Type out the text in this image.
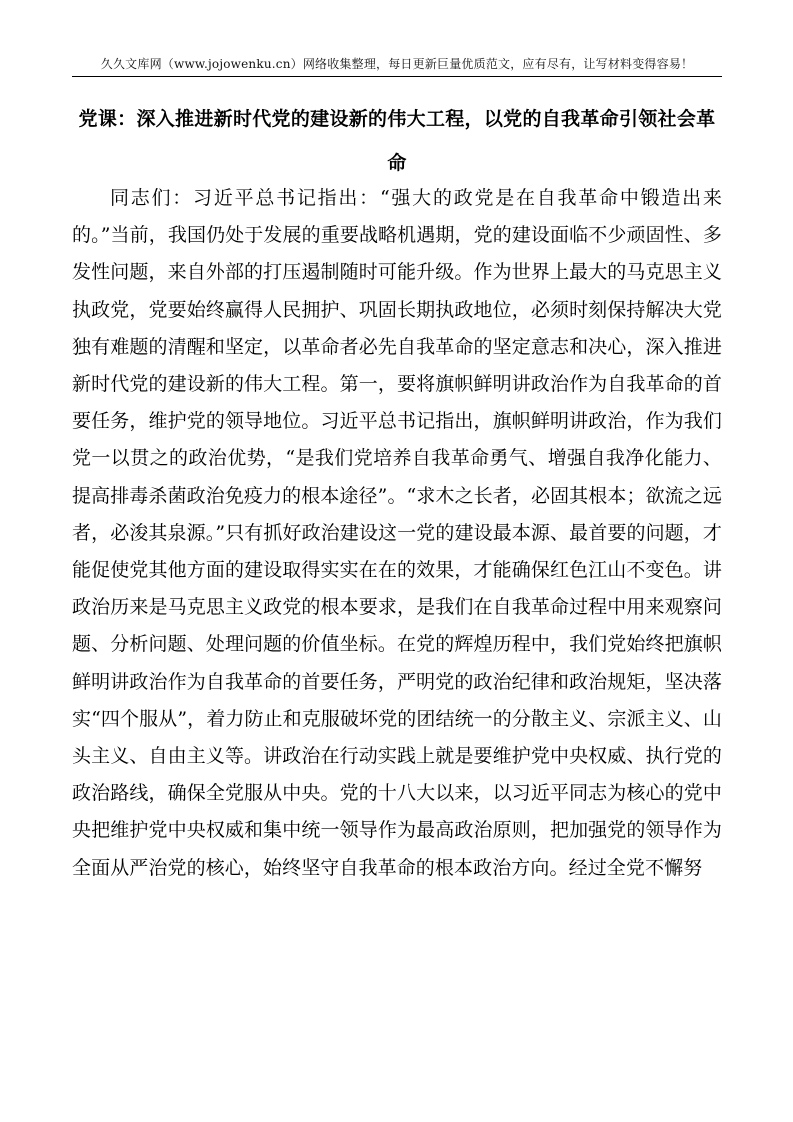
久久文库网（www.jojowenku.cn）网络收集整理，每日更新巨量优质范文，应有尽有，让写材料变得容易！
党课：深入推进新时代党的建设新的伟大工程，以党的自我革命引领社会革命

同志们：习近平总书记指出：“强大的政党是在自我革命中锻造出来的。”当前，我国仍处于发展的重要战略机遇期，党的建设面临不少顽固性、多发性问题，来自外部的打压遏制随时可能升级。作为世界上最大的马克思主义执政党，党要始终赢得人民拥护、巩固长期执政地位，必须时刻保持解决大党独有难题的清醒和坚定，以革命者必先自我革命的坚定意志和决心，深入推进新时代党的建设新的伟大工程。第一，要将旗帜鲜明讲政治作为自我革命的首要任务，维护党的领导地位。习近平总书记指出，旗帜鲜明讲政治，作为我们党一以贯之的政治优势，“是我们党培养自我革命勇气、增强自我净化能力、提高排毒杀菌政治免疫力的根本途径”。“求木之长者，必固其根本；欲流之远者，必浚其泉源。”只有抓好政治建设这一党的建设最本源、最首要的问题，才能促使党其他方面的建设取得实实在在的效果，才能确保红色江山不变色。讲政治历来是马克思主义政党的根本要求，是我们在自我革命过程中用来观察问题、分析问题、处理问题的价值坐标。在党的辉煌历程中，我们党始终把旗帜鲜明讲政治作为自我革命的首要任务，严明党的政治纪律和政治规矩，坚决落实“四个服从”，着力防止和克服破坏党的团结统一的分散主义、宗派主义、山头主义、自由主义等。讲政治在行动实践上就是要维护党中央权威、执行党的政治路线，确保全党服从中央。党的十八大以来，以习近平同志为核心的党中央把维护党中央权威和集中统一领导作为最高政治原则，把加强党的领导作为全面从严治党的核心，始终坚守自我革命的根本政治方向。经过全党不懈努
